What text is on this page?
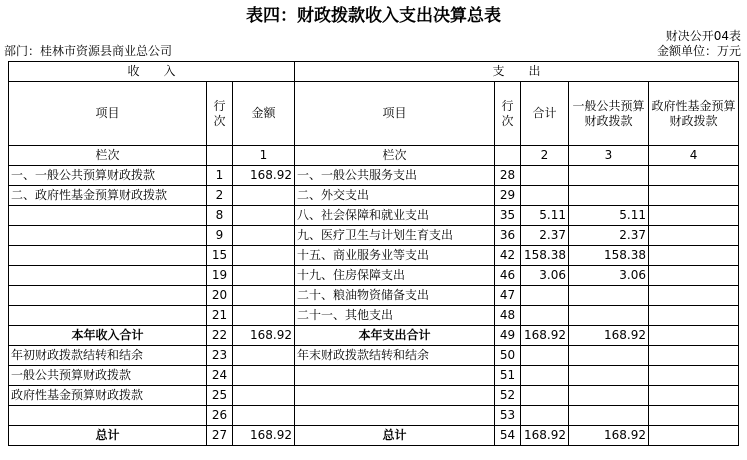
表四：财政拨款收入支出决算总表
财决公开04表
部门：桂林市资源县商业总公司	金额单位：万元
收　　入			支　　出				
项目	行次	金额	项目	行次	合计	一般公共预算财政拨款	政府性基金预算财政拨款
栏次		1	栏次		2	3	4
一、一般公共预算财政拨款	1	168.92	一、一般公共服务支出	28			
二、政府性基金预算财政拨款	2		二、外交支出	29			
	8		八、社会保障和就业支出	35	5.11	5.11	
	9		九、医疗卫生与计划生育支出	36	2.37	2.37	
	15		十五、商业服务业等支出	42	158.38	158.38	
	19		十九、住房保障支出	46	3.06	3.06	
	20		二十、粮油物资储备支出	47			
	21		二十一、其他支出	48			
本年收入合计	22	168.92	本年支出合计	49	168.92	168.92	
年初财政拨款结转和结余	23		年末财政拨款结转和结余	50			
一般公共预算财政拨款	24			51			
政府性基金预算财政拨款	25			52			
	26			53			
总计	27	168.92	总计	54	168.92	168.92	
